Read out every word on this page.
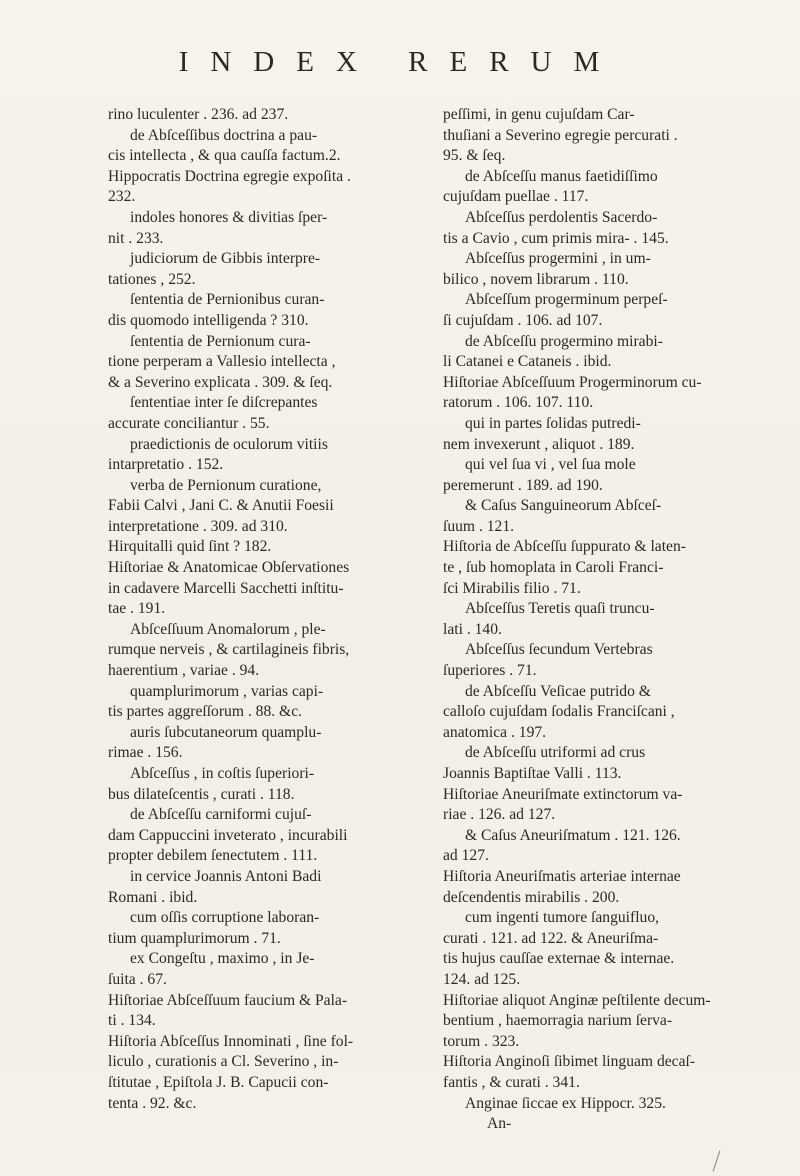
INDEX RERUM
rino luculenter . 236. ad 237.
de Abſceſſibus doctrina a pau-
cis intellecta , & qua cauſſa factum.2.
Hippocratis Doctrina egregie expoſita .
232.
indoles honores & divitias ſper-
nit . 233.
judiciorum de Gibbis interpre-
tationes , 252.
ſententia de Pernionibus curan-
dis quomodo intelligenda ? 310.
ſententia de Pernionum cura-
tione perperam a Vallesio intellecta ,
& a Severino explicata . 309. & ſeq.
ſententiae inter ſe diſcrepantes
accurate conciliantur . 55.
praedictionis de oculorum vitiis
intarpretatio . 152.
verba de Pernionum curatione,
Fabii Calvi , Jani C. & Anutii Foesii
interpretatione . 309. ad 310.
Hirquitalli quid ſint ? 182.
Hiſtoriae & Anatomicae Obſervationes
in cadavere Marcelli Sacchetti inſtitu-
tae . 191.
Abſceſſuum Anomalorum , ple-
rumque nerveis , & cartilagineis fibris,
haerentium , variae . 94.
quamplurimorum , varias capi-
tis partes aggreſſorum . 88. &c.
auris ſubcutaneorum quamplu-
rimae . 156.
Abſceſſus , in coſtis ſuperiori-
bus dilateſcentis , curati . 118.
de Abſceſſu carniformi cujuſ-
dam Cappuccini inveterato , incurabili
propter debilem ſenectutem . 111.
in cervice Joannis Antoni Badi
Romani . ibid.
cum oſſis corruptione laboran-
tium quamplurimorum . 71.
ex Congeſtu , maximo , in Je-
ſuita . 67.
Hiſtoriae Abſceſſuum faucium & Pala-
ti . 134.
Hiſtoria Abſceſſus Innominati , ſine fol-
liculo , curationis a Cl. Severino , in-
ſtitutae , Epiſtola J. B. Capucii con-
tenta . 92. &c.
peſſimi, in genu cujuſdam Car-
thuſiani a Severino egregie percurati .
95. & ſeq.
de Abſceſſu manus faetidiſſimo
cujuſdam puellae . 117.
Abſceſſus perdolentis Sacerdo-
tis a Cavio , cum primis mira- . 145.
Abſceſſus progermini , in um-
bilico , novem librarum . 110.
Abſceſſum progerminum perpeſ-
ſi cujuſdam . 106. ad 107.
de Abſceſſu progermino mirabi-
li Catanei e Cataneis . ibid.
Hiſtoriae Abſceſſuum Progerminorum cu-
ratorum . 106. 107. 110.
qui in partes ſolidas putredi-
nem invexerunt , aliquot . 189.
qui vel ſua vi , vel ſua mole
peremerunt . 189. ad 190.
& Caſus Sanguineorum Abſceſ-
ſuum . 121.
Hiſtoria de Abſceſſu ſuppurato & laten-
te , ſub homoplata in Caroli Franci-
ſci Mirabilis filio . 71.
Abſceſſus Teretis quaſi truncu-
lati . 140.
Abſceſſus ſecundum Vertebras
ſuperiores . 71.
de Abſceſſu Veſicae putrido &
calloſo cujuſdam ſodalis Franciſcani ,
anatomica . 197.
de Abſceſſu utriformi ad crus
Joannis Baptiſtae Valli . 113.
Hiſtoriae Aneuriſmate extinctorum va-
riae . 126. ad 127.
& Caſus Aneuriſmatum . 121. 126.
ad 127.
Hiſtoria Aneuriſmatis arteriae internae
deſcendentis mirabilis . 200.
cum ingenti tumore ſanguifluo,
curati . 121. ad 122. & Aneuriſma-
tis hujus cauſſae externae & internae.
124. ad 125.
Hiſtoriae aliquot Anginæ peſtilente decum-
bentium , haemorragia narium ſerva-
torum . 323.
Hiſtoria Anginoſi ſibimet linguam decaſ-
fantis , & curati . 341.
Anginae ſiccae ex Hippocr. 325.
An-
